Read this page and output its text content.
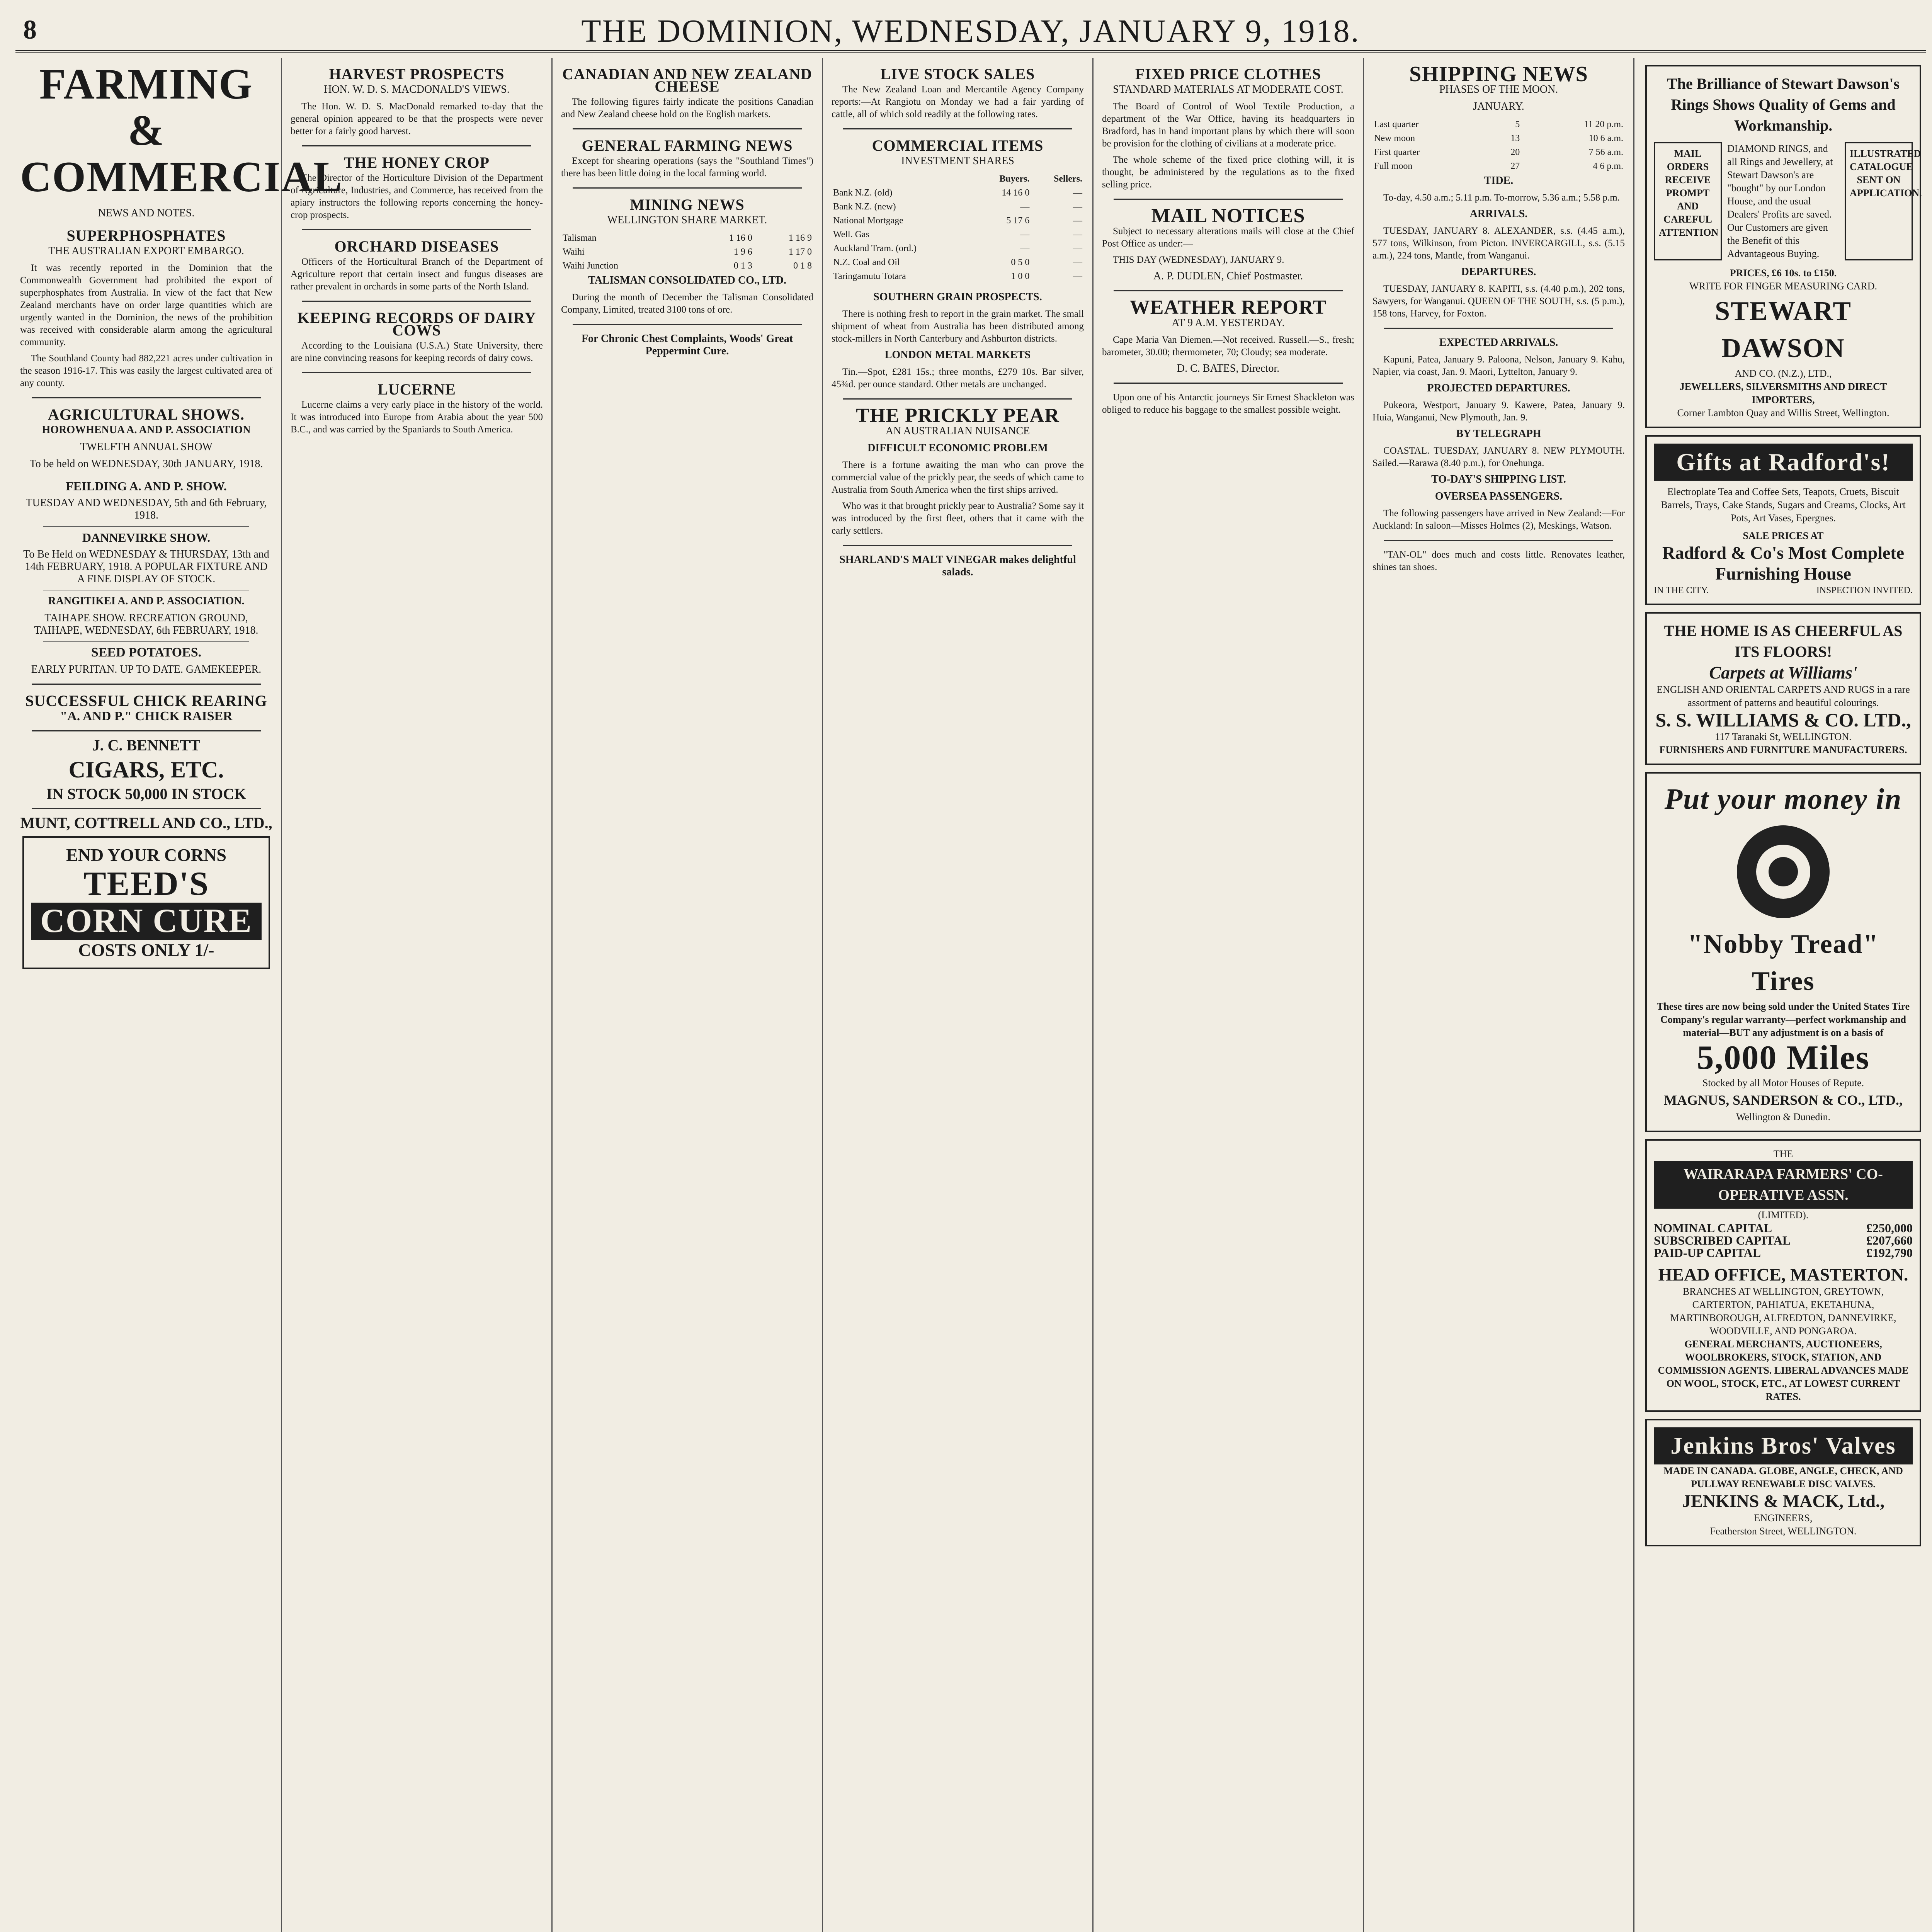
8	THE DOMINION, WEDNESDAY, JANUARY 9, 1918.
FARMING & COMMERCIAL
NEWS AND NOTES.
SUPERPHOSPHATES
THE AUSTRALIAN EXPORT EMBARGO.

It was recently reported in the Dominion that the Commonwealth Government had prohibited the export of superphosphates from Australia. In view of the fact that New Zealand merchants have on order large quantities which are urgently wanted in the Dominion, the news of the prohibition was received with considerable alarm among the agricultural community.

The Southland County had 882,221 acres under cultivation in the season 1916-17. This was easily the largest cultivated area of any county.

AGRICULTURAL SHOWS.
HOROWHENUA A. AND P. ASSOCIATION
TWELFTH ANNUAL SHOW
To be held on WEDNESDAY, 30th JANUARY, 1918.
FEILDING A. AND P. SHOW.
TUESDAY AND WEDNESDAY, 5th and 6th February, 1918.
DANNEVIRKE SHOW.
To Be Held on WEDNESDAY & THURSDAY, 13th and 14th FEBRUARY, 1918. A POPULAR FIXTURE AND A FINE DISPLAY OF STOCK.
RANGITIKEI A. AND P. ASSOCIATION.
TAIHAPE SHOW. RECREATION GROUND, TAIHAPE, WEDNESDAY, 6th FEBRUARY, 1918.
SEED POTATOES.
EARLY PURITAN. UP TO DATE. GAMEKEEPER.
SUCCESSFUL CHICK REARING
"A. AND P." CHICK RAISER
J. C. BENNETT
CIGARS, ETC.
IN STOCK 50,000 IN STOCK
MUNT, COTTRELL AND CO., LTD.,
END YOUR CORNS
TEED'S
CORN CURE
COSTS ONLY 1/-
HARVEST PROSPECTS
HON. W. D. S. MACDONALD'S VIEWS.

The Hon. W. D. S. MacDonald remarked to-day that the general opinion appeared to be that the prospects were never better for a fairly good harvest.

THE HONEY CROP

The Director of the Horticulture Division of the Department of Agriculture, Industries, and Commerce, has received from the apiary instructors the following reports concerning the honey-crop prospects.

ORCHARD DISEASES

Officers of the Horticultural Branch of the Department of Agriculture report that certain insect and fungus diseases are rather prevalent in orchards in some parts of the North Island.

KEEPING RECORDS OF DAIRY COWS

According to the Louisiana (U.S.A.) State University, there are nine convincing reasons for keeping records of dairy cows.

LUCERNE

Lucerne claims a very early place in the history of the world. It was introduced into Europe from Arabia about the year 500 B.C., and was carried by the Spaniards to South America.

CANADIAN AND NEW ZEALAND CHEESE

The following figures fairly indicate the positions Canadian and New Zealand cheese hold on the English markets.

GENERAL FARMING NEWS

Except for shearing operations (says the "Southland Times") there has been little doing in the local farming world.

MINING NEWS
WELLINGTON SHARE MARKET.
Talisman	1 16 0	1 16 9
Waihi	1 9 6	1 17 0
Waihi Junction	0 1 3	0 1 8
TALISMAN CONSOLIDATED CO., LTD.

During the month of December the Talisman Consolidated Company, Limited, treated 3100 tons of ore.

For Chronic Chest Complaints, Woods' Great Peppermint Cure.
LIVE STOCK SALES

The New Zealand Loan and Mercantile Agency Company reports:—At Rangiotu on Monday we had a fair yarding of cattle, all of which sold readily at the following rates.

COMMERCIAL ITEMS
INVESTMENT SHARES
	Buyers.	Sellers.
Bank N.Z. (old)	14 16 0	—
Bank N.Z. (new)	—	—
National Mortgage	5 17 6	—
Well. Gas	—	—
Auckland Tram. (ord.)	—	—
N.Z. Coal and Oil	0 5 0	—
Taringamutu Totara	1 0 0	—
SOUTHERN GRAIN PROSPECTS.

There is nothing fresh to report in the grain market. The small shipment of wheat from Australia has been distributed among stock-millers in North Canterbury and Ashburton districts.

LONDON METAL MARKETS

Tin.—Spot, £281 15s.; three months, £279 10s. Bar silver, 45¾d. per ounce standard. Other metals are unchanged.

THE PRICKLY PEAR
AN AUSTRALIAN NUISANCE
DIFFICULT ECONOMIC PROBLEM

There is a fortune awaiting the man who can prove the commercial value of the prickly pear, the seeds of which came to Australia from South America when the first ships arrived.

Who was it that brought prickly pear to Australia? Some say it was introduced by the first fleet, others that it came with the early settlers.

SHARLAND'S MALT VINEGAR makes delightful salads.
FIXED PRICE CLOTHES
STANDARD MATERIALS AT MODERATE COST.

The Board of Control of Wool Textile Production, a department of the War Office, having its headquarters in Bradford, has in hand important plans by which there will soon be provision for the clothing of civilians at a moderate price.

The whole scheme of the fixed price clothing will, it is thought, be administered by the regulations as to the fixed selling price.

MAIL NOTICES

Subject to necessary alterations mails will close at the Chief Post Office as under:—

THIS DAY (WEDNESDAY), JANUARY 9.

A. P. DUDLEN, Chief Postmaster.
WEATHER REPORT
AT 9 A.M. YESTERDAY.

Cape Maria Van Diemen.—Not received. Russell.—S., fresh; barometer, 30.00; thermometer, 70; Cloudy; sea moderate.

D. C. BATES, Director.

Upon one of his Antarctic journeys Sir Ernest Shackleton was obliged to reduce his baggage to the smallest possible weight.

SHIPPING NEWS
PHASES OF THE MOON.
JANUARY.
Last quarter	5	11 20 p.m.
New moon	13	10 6 a.m.
First quarter	20	7 56 a.m.
Full moon	27	4 6 p.m.
TIDE.

To-day, 4.50 a.m.; 5.11 p.m. To-morrow, 5.36 a.m.; 5.58 p.m.

ARRIVALS.

TUESDAY, JANUARY 8. ALEXANDER, s.s. (4.45 a.m.), 577 tons, Wilkinson, from Picton. INVERCARGILL, s.s. (5.15 a.m.), 224 tons, Mantle, from Wanganui.

DEPARTURES.

TUESDAY, JANUARY 8. KAPITI, s.s. (4.40 p.m.), 202 tons, Sawyers, for Wanganui. QUEEN OF THE SOUTH, s.s. (5 p.m.), 158 tons, Harvey, for Foxton.

EXPECTED ARRIVALS.

Kapuni, Patea, January 9. Paloona, Nelson, January 9. Kahu, Napier, via coast, Jan. 9. Maori, Lyttelton, January 9.

PROJECTED DEPARTURES.

Pukeora, Westport, January 9. Kawere, Patea, January 9. Huia, Wanganui, New Plymouth, Jan. 9.

BY TELEGRAPH

COASTAL. TUESDAY, JANUARY 8. NEW PLYMOUTH. Sailed.—Rarawa (8.40 p.m.), for Onehunga.

TO-DAY'S SHIPPING LIST.
OVERSEA PASSENGERS.

The following passengers have arrived in New Zealand:—For Auckland: In saloon—Misses Holmes (2), Meskings, Watson.

"TAN-OL" does much and costs little. Renovates leather, shines tan shoes.

The Brilliance of Stewart Dawson's Rings Shows Quality of Gems and Workmanship.
MAIL ORDERS RECEIVE PROMPT AND CAREFUL ATTENTION
DIAMOND RINGS, and all Rings and Jewellery, at Stewart Dawson's are "bought" by our London House, and the usual Dealers' Profits are saved. Our Customers are given the Benefit of this Advantageous Buying.
ILLUSTRATED CATALOGUE SENT ON APPLICATION.
PRICES, £6 10s. to £150.
WRITE FOR FINGER MEASURING CARD.
STEWART DAWSON
AND CO. (N.Z.), LTD.,
JEWELLERS, SILVERSMITHS AND DIRECT IMPORTERS,
Corner Lambton Quay and Willis Street, Wellington.
Gifts at Radford's!
Electroplate Tea and Coffee Sets, Teapots, Cruets, Biscuit Barrels, Trays, Cake Stands, Sugars and Creams, Clocks, Art Pots, Art Vases, Epergnes.
SALE PRICES AT
Radford & Co's Most Complete Furnishing House
IN THE CITY.	INSPECTION INVITED.
THE HOME IS AS CHEERFUL AS ITS FLOORS!
Carpets at Williams'
ENGLISH AND ORIENTAL CARPETS AND RUGS in a rare assortment of patterns and beautiful colourings.
S. S. WILLIAMS & CO. LTD.,
117 Taranaki St, WELLINGTON.
FURNISHERS AND FURNITURE MANUFACTURERS.
Put your money in
"Nobby Tread" Tires
These tires are now being sold under the United States Tire Company's regular warranty—perfect workmanship and material—BUT any adjustment is on a basis of
5,000 Miles
Stocked by all Motor Houses of Repute.
MAGNUS, SANDERSON & CO., LTD.,
Wellington & Dunedin.
THE
WAIRARAPA FARMERS' CO-OPERATIVE ASSN.
(LIMITED).
NOMINAL CAPITAL	£250,000
SUBSCRIBED CAPITAL	£207,660
PAID-UP CAPITAL	£192,790
HEAD OFFICE, MASTERTON.
BRANCHES AT WELLINGTON, GREYTOWN, CARTERTON, PAHIATUA, EKETAHUNA, MARTINBOROUGH, ALFREDTON, DANNEVIRKE, WOODVILLE, AND PONGAROA.
GENERAL MERCHANTS, AUCTIONEERS, WOOLBROKERS, STOCK, STATION, AND COMMISSION AGENTS. LIBERAL ADVANCES MADE ON WOOL, STOCK, ETC., AT LOWEST CURRENT RATES.
Jenkins Bros' Valves
MADE IN CANADA. GLOBE, ANGLE, CHECK, AND PULLWAY RENEWABLE DISC VALVES.
JENKINS & MACK, Ltd.,
ENGINEERS,
Featherston Street, WELLINGTON.
